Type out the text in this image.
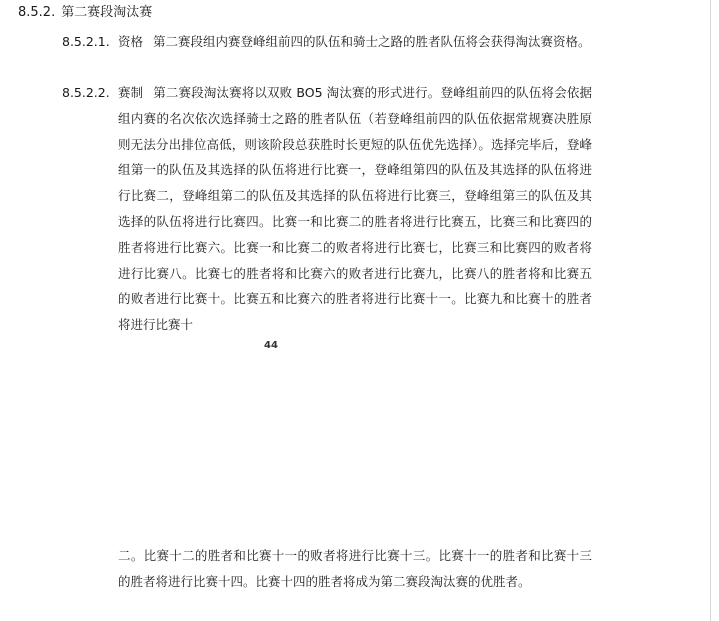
8.5.2. 第二赛段淘汰赛
8.5.2.1. 资格 第二赛段组内赛登峰组前四的队伍和骑士之路的胜者队伍将会获得淘汰赛资格。
8.5.2.2. 赛制 第二赛段淘汰赛将以双败 BO5 淘汰赛的形式进行。登峰组前四的队伍将会依据组内赛的名次依次选择骑士之路的胜者队伍（若登峰组前四的队伍依据常规赛决胜原则无法分出排位高低，则该阶段总获胜时长更短的队伍优先选择）。选择完毕后，登峰组第一的队伍及其选择的队伍将进行比赛一，登峰组第四的队伍及其选择的队伍将进行比赛二，登峰组第二的队伍及其选择的队伍将进行比赛三，登峰组第三的队伍及其选择的队伍将进行比赛四。比赛一和比赛二的胜者将进行比赛五，比赛三和比赛四的胜者将进行比赛六。比赛一和比赛二的败者将进行比赛七，比赛三和比赛四的败者将进行比赛八。比赛七的胜者将和比赛六的败者进行比赛九，比赛八的胜者将和比赛五的败者进行比赛十。比赛五和比赛六的胜者将进行比赛十一。比赛九和比赛十的胜者将进行比赛十
44
二。比赛十二的胜者和比赛十一的败者将进行比赛十三。比赛十一的胜者和比赛十三的胜者将进行比赛十四。比赛十四的胜者将成为第二赛段淘汰赛的优胜者。
